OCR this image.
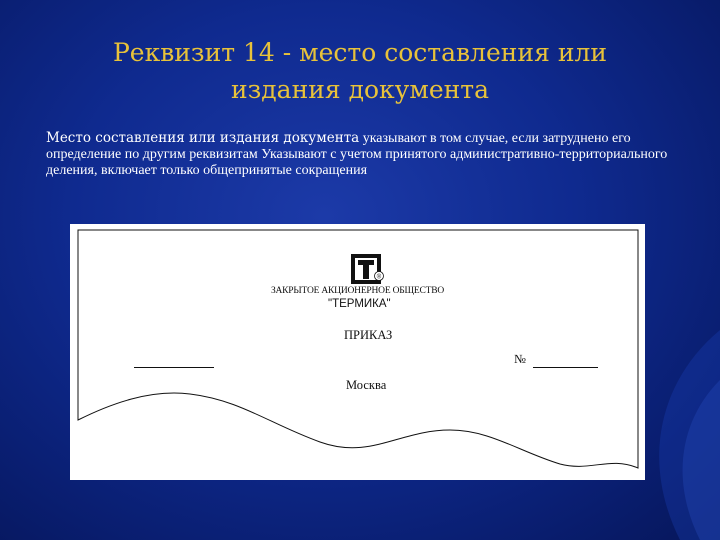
Реквизит 14 - место составления или
издания документа
Место составления или издания документа указывают в том случае, если затруднено его определение по другим реквизитам Указывают с учетом принятого административно-территориального деления, включает только общепринятые сокращения
®
ЗАКРЫТОЕ АКЦИОНЕРНОЕ ОБЩЕСТВО
"ТЕРМИКА"
ПРИКАЗ
№
Москва
